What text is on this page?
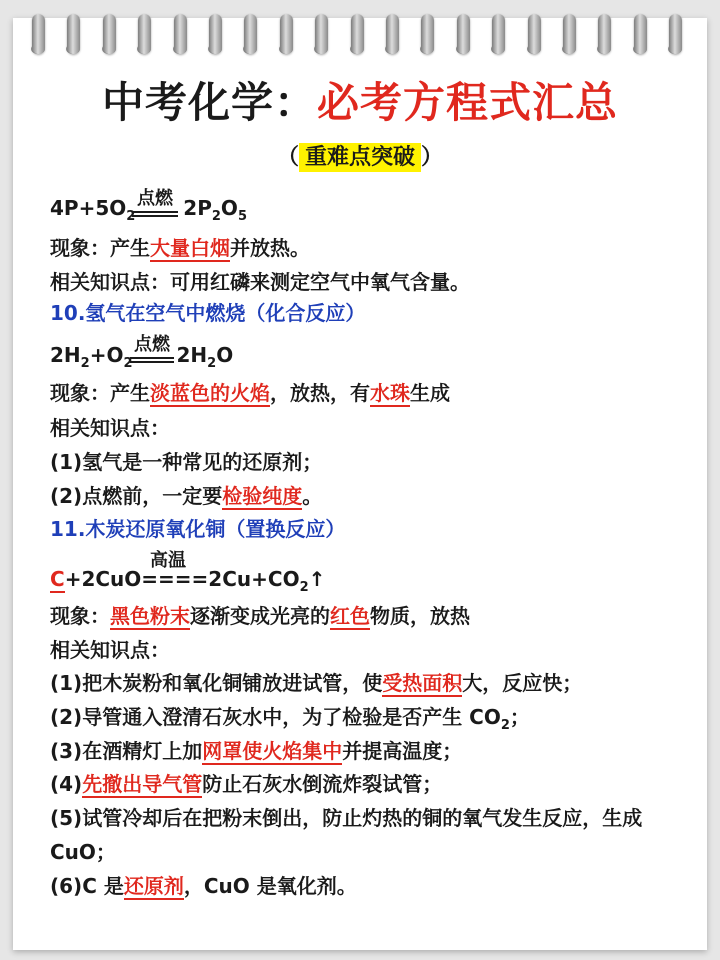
中考化学：必考方程式汇总
（ 重难点突破 ）
点燃
$4P+5O_2$ $2P_2O_5$
现象：产生大量白烟并放热。
相关知识点：可用红磷来测定空气中氧气含量。
10.氢气在空气中燃烧（化合反应）
点燃
$2H_2+O_2$ $2H_2O$
现象：产生淡蓝色的火焰，放热，有水珠生成
相关知识点：
(1)氢气是一种常见的还原剂；
(2)点燃前，一定要检验纯度。
11.木炭还原氧化铜（置换反应）
高温
$C+2CuO====2Cu+CO_2↑$
现象：黑色粉末逐渐变成光亮的红色物质，放热
相关知识点：
(1)把木炭粉和氧化铜铺放进试管，使受热面积大，反应快；
(2)导管通入澄清石灰水中，为了检验是否产生 $CO_2$；
(3)在酒精灯上加网罩使火焰集中并提高温度；
(4)先撤出导气管防止石灰水倒流炸裂试管；
(5)试管冷却后在把粉末倒出，防止灼热的铜的氧气发生反应，生成
CuO；
(6)C 是还原剂，CuO 是氧化剂。
